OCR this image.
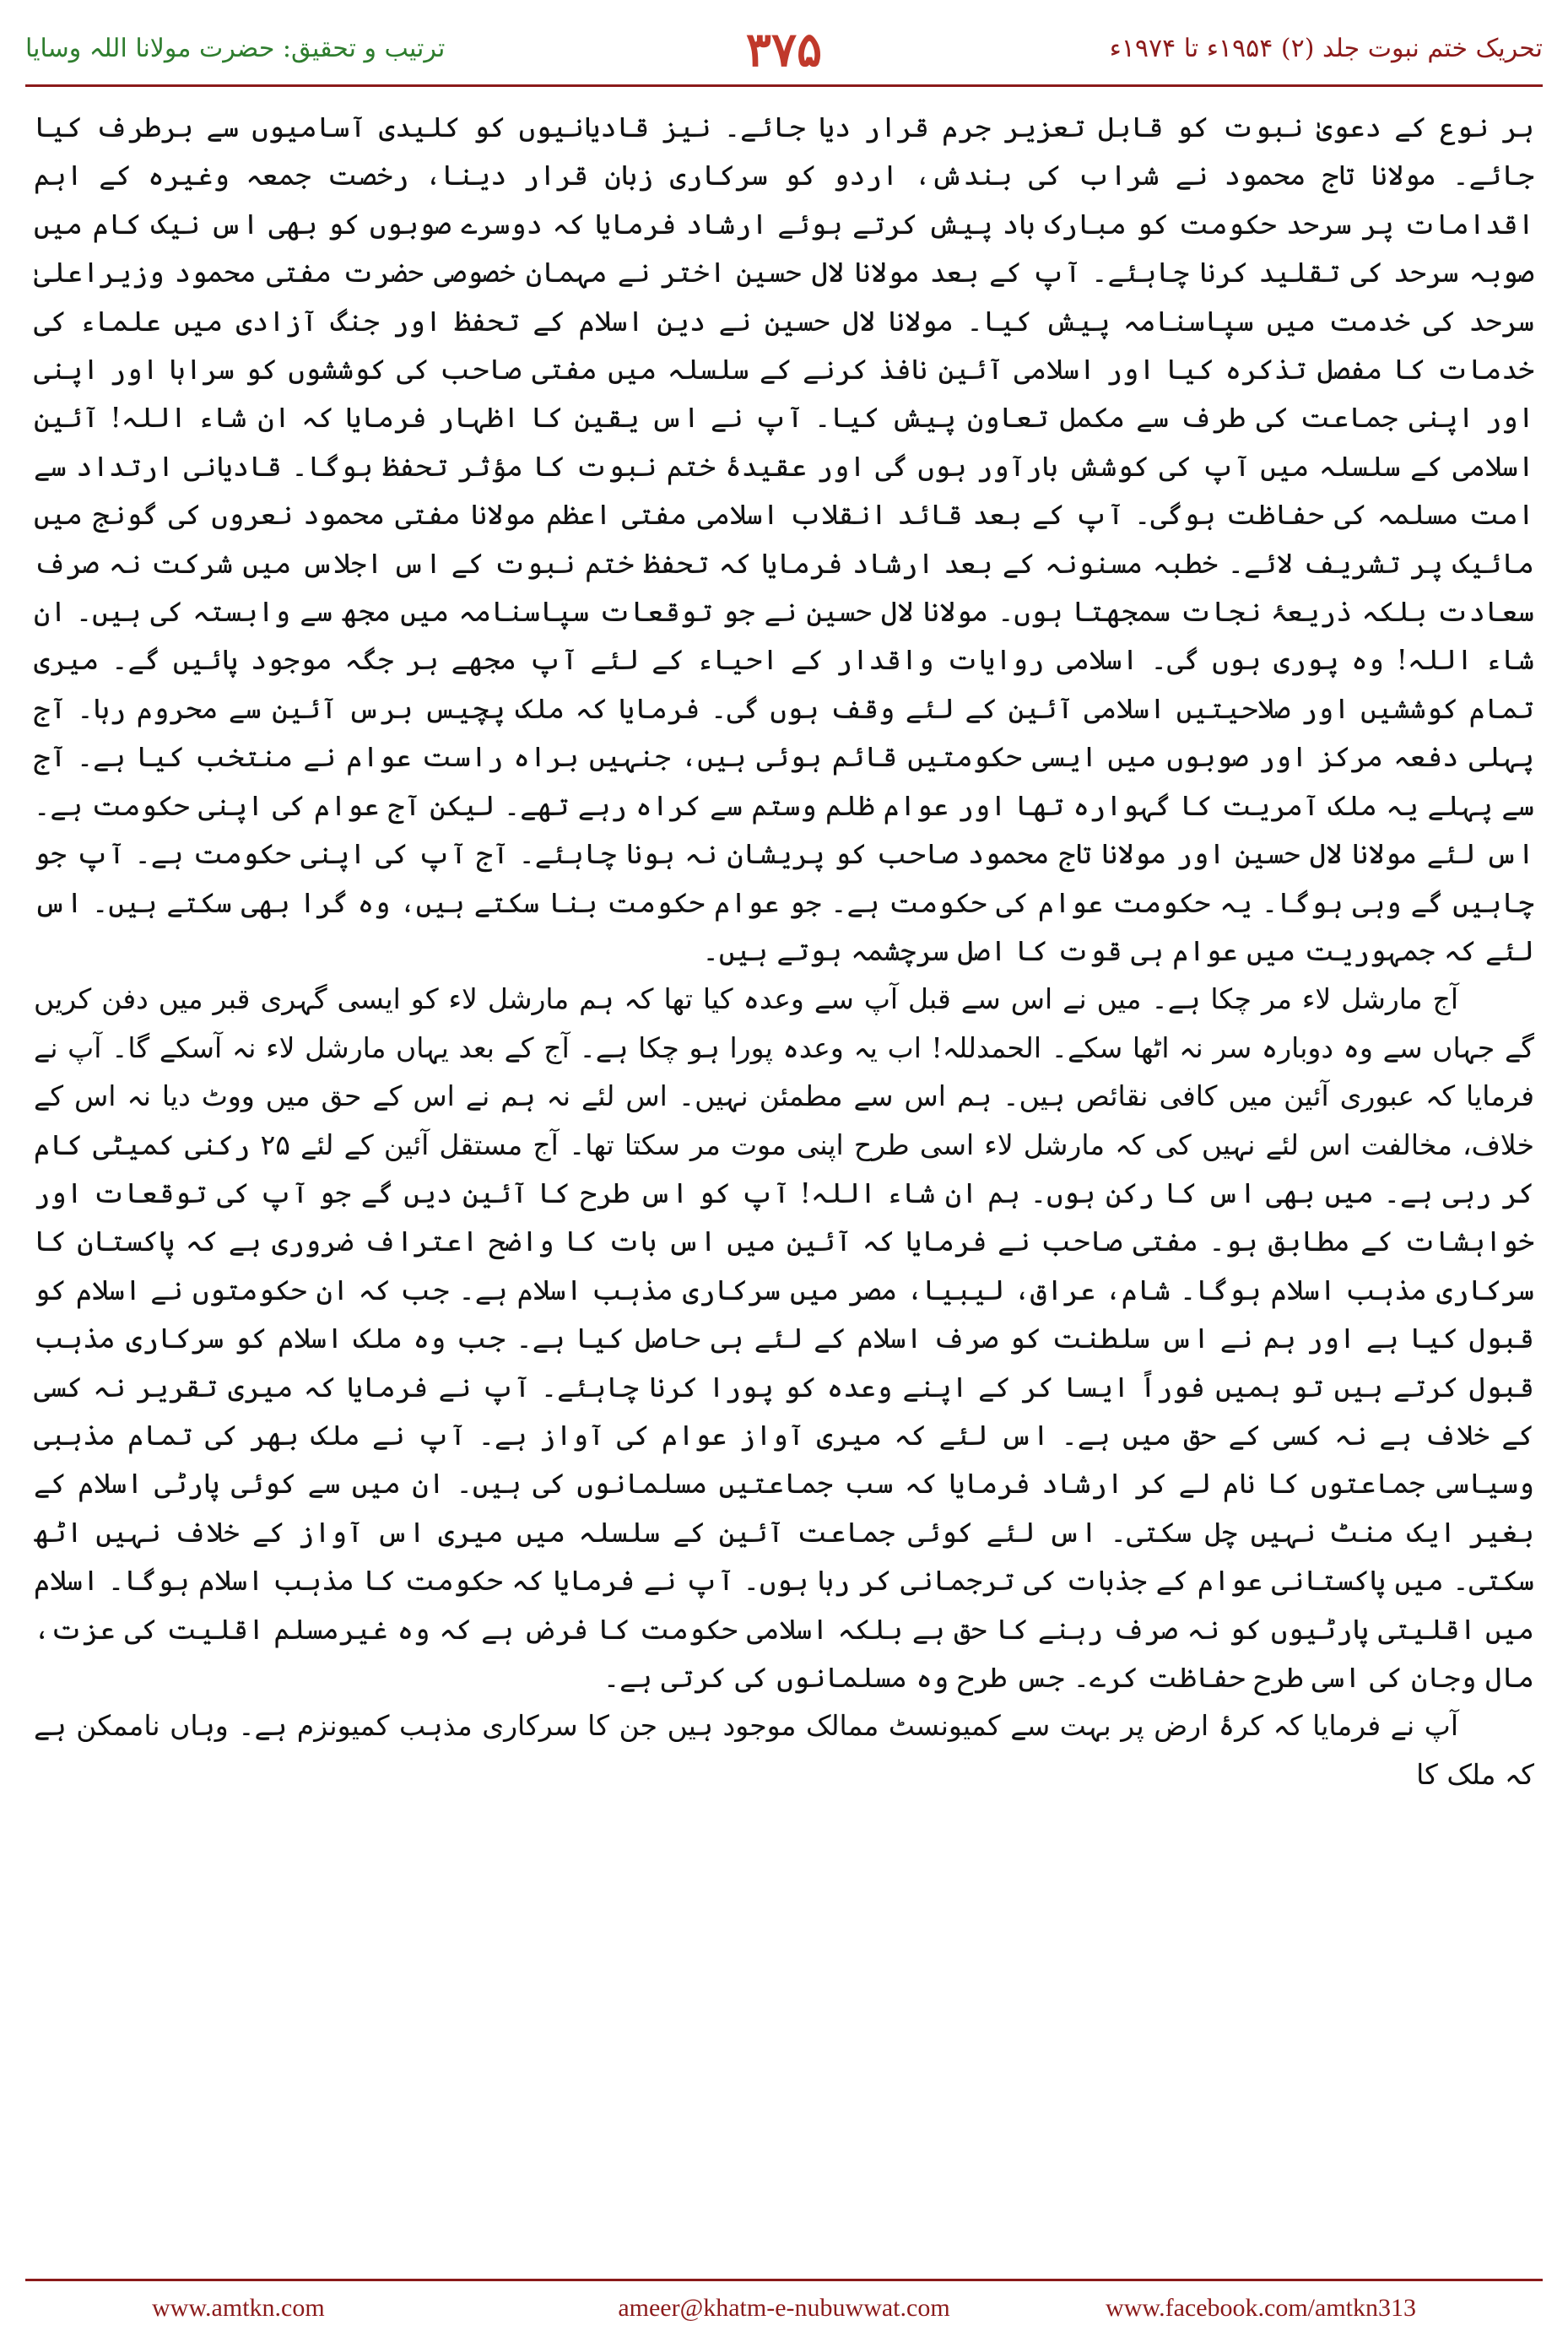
تحریک ختم نبوت جلد (۲) ۱۹۵۴ء تا ۱۹۷۴ء
۳۷۵
ترتیب و تحقیق: حضرت مولانا اللہ وسایا

ہر نوع کے دعویٰ نبوت کو قابل تعزیر جرم قرار دیا جائے۔ نیز قادیانیوں کو کلیدی آسامیوں سے برطرف کیا جائے۔ مولانا تاج محمود نے شراب کی بندش، اردو کو سرکاری زبان قرار دینا، رخصت جمعہ وغیرہ کے اہم اقدامات پر سرحد حکومت کو مبارک باد پیش کرتے ہوئے ارشاد فرمایا کہ دوسرے صوبوں کو بھی اس نیک کام میں صوبہ سرحد کی تقلید کرنا چاہئے۔ آپ کے بعد مولانا لال حسین اختر نے مہمان خصوصی حضرت مفتی محمود وزیراعلیٰ سرحد کی خدمت میں سپاسنامہ پیش کیا۔ مولانا لال حسین نے دین اسلام کے تحفظ اور جنگ آزادی میں علماء کی خدمات کا مفصل تذکرہ کیا اور اسلامی آئین نافذ کرنے کے سلسلہ میں مفتی صاحب کی کوششوں کو سراہا اور اپنی اور اپنی جماعت کی طرف سے مکمل تعاون پیش کیا۔ آپ نے اس یقین کا اظہار فرمایا کہ ان شاء اللہ! آئین اسلامی کے سلسلہ میں آپ کی کوشش بارآور ہوں گی اور عقیدۂ ختم نبوت کا مؤثر تحفظ ہوگا۔ قادیانی ارتداد سے امت مسلمہ کی حفاظت ہوگی۔ آپ کے بعد قائد انقلاب اسلامی مفتی اعظم مولانا مفتی محمود نعروں کی گونج میں مائیک پر تشریف لائے۔ خطبہ مسنونہ کے بعد ارشاد فرمایا کہ تحفظ ختم نبوت کے اس اجلاس میں شرکت نہ صرف سعادت بلکہ ذریعۂ نجات سمجھتا ہوں۔ مولانا لال حسین نے جو توقعات سپاسنامہ میں مجھ سے وابستہ کی ہیں۔ ان شاء اللہ! وہ پوری ہوں گی۔ اسلامی روایات واقدار کے احیاء کے لئے آپ مجھے ہر جگہ موجود پائیں گے۔ میری تمام کوششیں اور صلاحیتیں اسلامی آئین کے لئے وقف ہوں گی۔ فرمایا کہ ملک پچیس برس آئین سے محروم رہا۔ آج پہلی دفعہ مرکز اور صوبوں میں ایسی حکومتیں قائم ہوئی ہیں، جنہیں براہ راست عوام نے منتخب کیا ہے۔ آج سے پہلے یہ ملک آمریت کا گہوارہ تھا اور عوام ظلم وستم سے کراہ رہے تھے۔ لیکن آج عوام کی اپنی حکومت ہے۔ اس لئے مولانا لال حسین اور مولانا تاج محمود صاحب کو پریشان نہ ہونا چاہئے۔ آج آپ کی اپنی حکومت ہے۔ آپ جو چاہیں گے وہی ہوگا۔ یہ حکومت عوام کی حکومت ہے۔ جو عوام حکومت بنا سکتے ہیں، وہ گرا بھی سکتے ہیں۔ اس لئے کہ جمہوریت میں عوام ہی قوت کا اصل سرچشمہ ہوتے ہیں۔

آج مارشل لاء مر چکا ہے۔ میں نے اس سے قبل آپ سے وعدہ کیا تھا کہ ہم مارشل لاء کو ایسی گہری قبر میں دفن کریں گے جہاں سے وہ دوبارہ سر نہ اٹھا سکے۔ الحمدللہ! اب یہ وعدہ پورا ہو چکا ہے۔ آج کے بعد یہاں مارشل لاء نہ آسکے گا۔ آپ نے فرمایا کہ عبوری آئین میں کافی نقائص ہیں۔ ہم اس سے مطمئن نہیں۔ اس لئے نہ ہم نے اس کے حق میں ووٹ دیا نہ اس کے خلاف، مخالفت اس لئے نہیں کی کہ مارشل لاء اسی طرح اپنی موت مر سکتا تھا۔ آج مستقل آئین کے لئے ۲۵ رکنی کمیٹی کام کر رہی ہے۔ میں بھی اس کا رکن ہوں۔ ہم ان شاء اللہ! آپ کو اس طرح کا آئین دیں گے جو آپ کی توقعات اور خواہشات کے مطابق ہو۔ مفتی صاحب نے فرمایا کہ آئین میں اس بات کا واضح اعتراف ضروری ہے کہ پاکستان کا سرکاری مذہب اسلام ہوگا۔ شام، عراق، لیبیا، مصر میں سرکاری مذہب اسلام ہے۔ جب کہ ان حکومتوں نے اسلام کو قبول کیا ہے اور ہم نے اس سلطنت کو صرف اسلام کے لئے ہی حاصل کیا ہے۔ جب وہ ملک اسلام کو سرکاری مذہب قبول کرتے ہیں تو ہمیں فوراً ایسا کر کے اپنے وعدہ کو پورا کرنا چاہئے۔ آپ نے فرمایا کہ میری تقریر نہ کسی کے خلاف ہے نہ کسی کے حق میں ہے۔ اس لئے کہ میری آواز عوام کی آواز ہے۔ آپ نے ملک بھر کی تمام مذہبی وسیاسی جماعتوں کا نام لے کر ارشاد فرمایا کہ سب جماعتیں مسلمانوں کی ہیں۔ ان میں سے کوئی پارٹی اسلام کے بغیر ایک منٹ نہیں چل سکتی۔ اس لئے کوئی جماعت آئین کے سلسلہ میں میری اس آواز کے خلاف نہیں اٹھ سکتی۔ میں پاکستانی عوام کے جذبات کی ترجمانی کر رہا ہوں۔ آپ نے فرمایا کہ حکومت کا مذہب اسلام ہوگا۔ اسلام میں اقلیتی پارٹیوں کو نہ صرف رہنے کا حق ہے بلکہ اسلامی حکومت کا فرض ہے کہ وہ غیرمسلم اقلیت کی عزت، مال وجان کی اسی طرح حفاظت کرے۔ جس طرح وہ مسلمانوں کی کرتی ہے۔

آپ نے فرمایا کہ کرۂ ارض پر بہت سے کمیونسٹ ممالک موجود ہیں جن کا سرکاری مذہب کمیونزم ہے۔ وہاں ناممکن ہے کہ ملک کا

www.amtkn.com	ameer@khatm-e-nubuwwat.com	www.facebook.com/amtkn313
